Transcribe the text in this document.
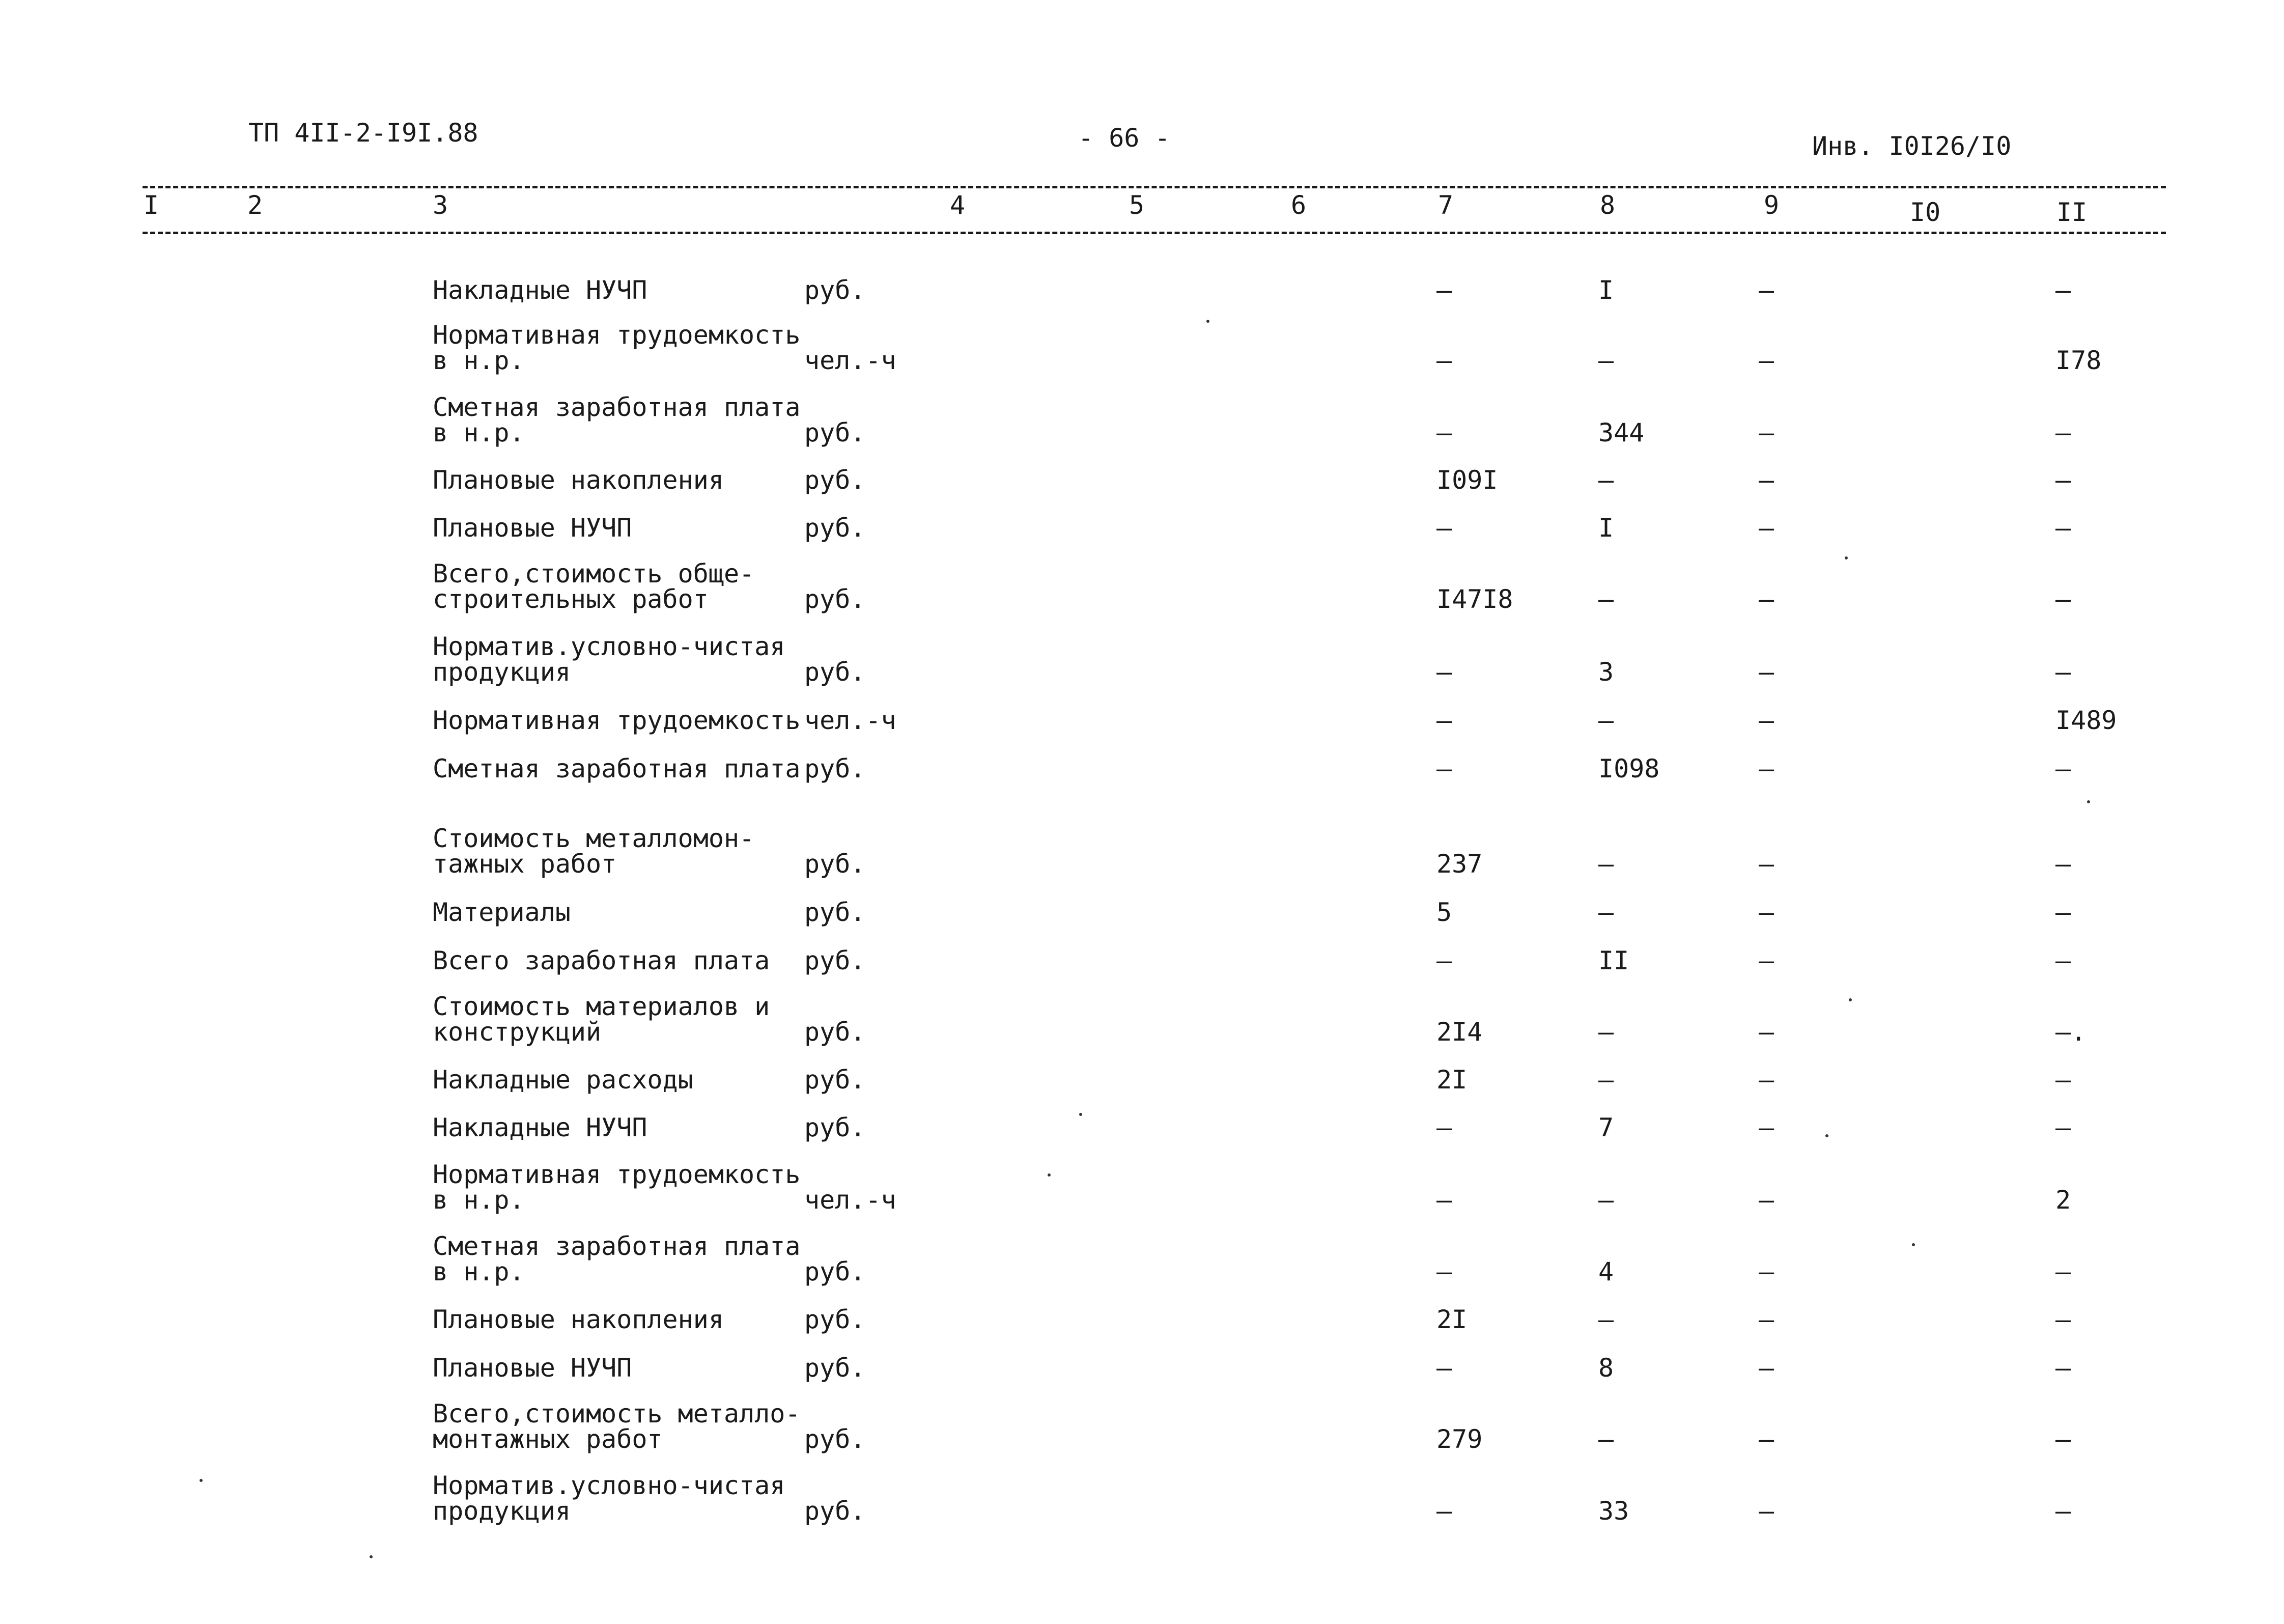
ТП 4II-2-I9I.88	- 66 -	Инв. I0I26/I0
I	2	3	4	5	6	7	8	9	I0	II
Накладные НУЧП	руб.	–	I	–	–
Нормативная трудоемкость
в н.р.	чел.-ч	–	–	–	I78
Сметная заработная плата
в н.р.	руб.	–	344	–	–
Плановые накопления	руб.	I09I	–	–	–
Плановые НУЧП	руб.	–	I	–	–
Всего,стоимость обще-
строительных работ	руб.	I47I8	–	–	–
Норматив.условно-чистая
продукция	руб.	–	3	–	–
Нормативная трудоемкость чел.-ч	–	–	–	I489
Сметная заработная плата руб.	–	I098	–	–
Стоимость металломон-
тажных работ	руб.	237	–	–	–
Материалы	руб.	5	–	–	–
Всего заработная плата руб.	–	II	–	–
Стоимость материалов и
конструкций	руб.	2I4	–	–	–.
Накладные расходы	руб.	2I	–	–	–
Накладные НУЧП	руб.	–	7	–	–
Нормативная трудоемкость
в н.р.	чел.-ч	–	–	–	2
Сметная заработная плата
в н.р.	руб.	–	4	–	–
Плановые накопления	руб.	2I	–	–	–
Плановые НУЧП	руб.	–	8	–	–
Всего,стоимость металло-
монтажных работ	руб.	279	–	–	–
Норматив.условно-чистая
продукция	руб.	–	33	–	–
